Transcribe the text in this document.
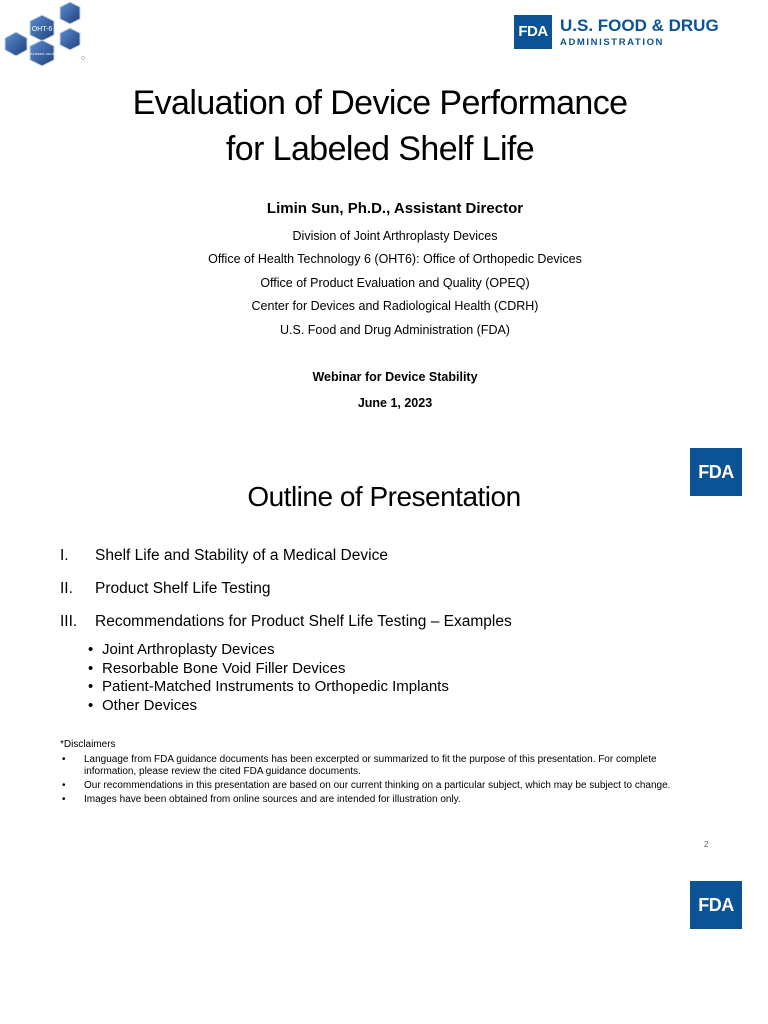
OHT-6
ORTHOPEDIC DEVICES
FDA U.S. FOOD & DRUG
ADMINISTRATION
Evaluation of Device Performance
for Labeled Shelf Life
Limin Sun, Ph.D., Assistant Director
Division of Joint Arthroplasty Devices
Office of Health Technology 6 (OHT6): Office of Orthopedic Devices
Office of Product Evaluation and Quality (OPEQ)
Center for Devices and Radiological Health (CDRH)
U.S. Food and Drug Administration (FDA)
Webinar for Device Stability
June 1, 2023
FDA
Outline of Presentation
I. Shelf Life and Stability of a Medical Device
II. Product Shelf Life Testing
III. Recommendations for Product Shelf Life Testing – Examples
• Joint Arthroplasty Devices
• Resorbable Bone Void Filler Devices
• Patient-Matched Instruments to Orthopedic Implants
• Other Devices
*Disclaimers
• Language from FDA guidance documents has been excerpted or summarized to fit the purpose of this presentation. For complete information, please review the cited FDA guidance documents.
• Our recommendations in this presentation are based on our current thinking on a particular subject, which may be subject to change.
• Images have been obtained from online sources and are intended for illustration only.
2
FDA
